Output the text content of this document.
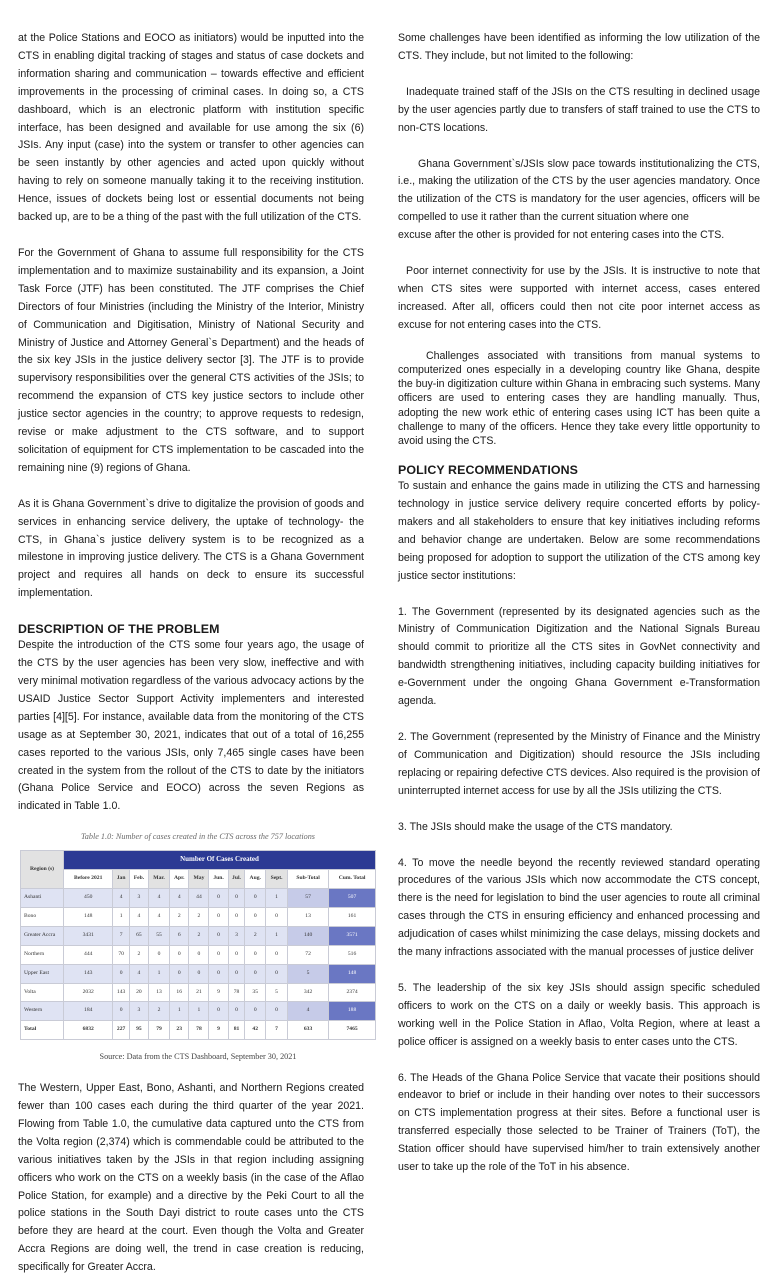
at the Police Stations and EOCO as initiators) would be inputted into the CTS in enabling digital tracking of stages and status of case dockets and information sharing and communication – towards effective and efficient improvements in the processing of criminal cases. In doing so, a CTS dashboard, which is an electronic platform with institution specific interface, has been designed and available for use among the six (6) JSIs. Any input (case) into the system or transfer to other agencies can be seen instantly by other agencies and acted upon quickly without having to rely on someone manually taking it to the receiving institution. Hence, issues of dockets being lost or essential documents not being backed up, are to be a thing of the past with the full utilization of the CTS.

For the Government of Ghana to assume full responsibility for the CTS implementation and to maximize sustainability and its expansion, a Joint Task Force (JTF) has been constituted. The JTF comprises the Chief Directors of four Ministries (including the Ministry of the Interior, Ministry of Communication and Digitisation, Ministry of National Security and Ministry of Justice and Attorney General`s Department) and the heads of the six key JSIs in the justice delivery sector [3]. The JTF is to provide supervisory responsibilities over the general CTS activities of the JSIs; to recommend the expansion of CTS key justice sectors to include other justice sector agencies in the country; to approve requests to redesign, revise or make adjustment to the CTS software, and to support solicitation of equipment for CTS implementation to be cascaded into the remaining nine (9) regions of Ghana.

As it is Ghana Government`s drive to digitalize the provision of goods and services in enhancing service delivery, the uptake of technology- the CTS, in Ghana`s justice delivery system is to be recognized as a milestone in improving justice delivery. The CTS is a Ghana Government project and requires all hands on deck to ensure its successful implementation.

DESCRIPTION OF THE PROBLEM

Despite the introduction of the CTS some four years ago, the usage of the CTS by the user agencies has been very slow, ineffective and with very minimal motivation regardless of the various advocacy actions by the USAID Justice Sector Support Activity implementers and interested parties [4][5]. For instance, available data from the monitoring of the CTS usage as at September 30, 2021, indicates that out of a total of 16,255 cases reported to the various JSIs, only 7,465 single cases have been created in the system from the rollout of the CTS to date by the initiators (Ghana Police Service and EOCO) across the seven Regions as indicated in Table 1.0.

Table 1.0: Number of cases created in the CTS across the 757 locations
Region (s)	Number Of Cases Created											
	Before 2021	Jan	Feb.	Mar.	Apr.	May	Jun.	Jul.	Aug.	Sept.	Sub-Total	Cum. Total
Ashanti	450	4	3	4	4	44	0	0	0	1	57	507
Bono	148	1	4	4	2	2	0	0	0	0	13	161
Greater Accra	3431	7	65	55	6	2	0	3	2	1	140	3571
Northern	444	70	2	0	0	0	0	0	0	0	72	516
Upper East	143	0	4	1	0	0	0	0	0	0	5	148
Volta	2032	143	20	13	16	21	9	78	35	5	342	2374
Western	184	0	3	2	1	1	0	0	0	0	4	188
Total	6832	227	95	79	23	78	9	81	42	7	633	7465
Source: Data from the CTS Dashboard, September 30, 2021

The Western, Upper East, Bono, Ashanti, and Northern Regions created fewer than 100 cases each during the third quarter of the year 2021. Flowing from Table 1.0, the cumulative data captured unto the CTS from the Volta region (2,374) which is commendable could be attributed to the various initiatives taken by the JSIs in that region including assigning officers who work on the CTS on a weekly basis (in the case of the Aflao Police Station, for example) and a directive by the Peki Court to all the police stations in the South Dayi district to route cases unto the CTS before they are heard at the court. Even though the Volta and Greater Accra Regions are doing well, the trend in case creation is reducing, specifically for Greater Accra.

Some challenges have been identified as informing the low utilization of the CTS. They include, but not limited to the following:

Inadequate trained staff of the JSIs on the CTS resulting in declined usage by the user agencies partly due to transfers of staff trained to use the CTS to non-CTS locations.

Ghana Government`s/JSIs slow pace towards institutionalizing the CTS, i.e., making the utilization of the CTS by the user agencies mandatory. Once the utilization of the CTS is mandatory for the user agencies, officers will be compelled to use it rather than the current situation where one

excuse after the other is provided for not entering cases into the CTS.

Poor internet connectivity for use by the JSIs. It is instructive to note that when CTS sites were supported with internet access, cases entered increased. After all, officers could then not cite poor internet access as excuse for not entering cases into the CTS.

Challenges associated with transitions from manual systems to computerized ones especially in a developing country like Ghana, despite the buy-in digitization culture within Ghana in embracing such systems. Many officers are used to entering cases they are handling manually. Thus, adopting the new work ethic of entering cases using ICT has been quite a challenge to many of the officers. Hence they take every little opportunity to avoid using the CTS.

POLICY RECOMMENDATIONS

To sustain and enhance the gains made in utilizing the CTS and harnessing technology in justice service delivery require concerted efforts by policy-makers and all stakeholders to ensure that key initiatives including reforms and behavior change are undertaken. Below are some recommendations being proposed for adoption to support the utilization of the CTS among key justice sector institutions:

1. The Government (represented by its designated agencies such as the Ministry of Communication Digitization and the National Signals Bureau should commit to prioritize all the CTS sites in GovNet connectivity and bandwidth strengthening initiatives, including capacity building initiatives for e-Government under the ongoing Ghana Government e-Transformation agenda.

2. The Government (represented by the Ministry of Finance and the Ministry of Communication and Digitization) should resource the JSIs including replacing or repairing defective CTS devices. Also required is the provision of uninterrupted internet access for use by all the JSIs utilizing the CTS.

3. The JSIs should make the usage of the CTS mandatory.

4. To move the needle beyond the recently reviewed standard operating procedures of the various JSIs which now accommodate the CTS concept, there is the need for legislation to bind the user agencies to route all criminal cases through the CTS in ensuring efficiency and enhanced processing and adjudication of cases whilst minimizing the case delays, missing dockets and the many infractions associated with the manual processes of justice deliver

5. The leadership of the six key JSIs should assign specific scheduled officers to work on the CTS on a daily or weekly basis. This approach is working well in the Police Station in Aflao, Volta Region, where at least a police officer is assigned on a weekly basis to enter cases unto the CTS.

6. The Heads of the Ghana Police Service that vacate their positions should endeavor to brief or include in their handing over notes to their successors on CTS implementation progress at their sites. Before a functional user is transferred especially those selected to be Trainer of Trainers (ToT), the Station officer should have supervised him/her to train extensively another user to take up the role of the ToT in his absence.
